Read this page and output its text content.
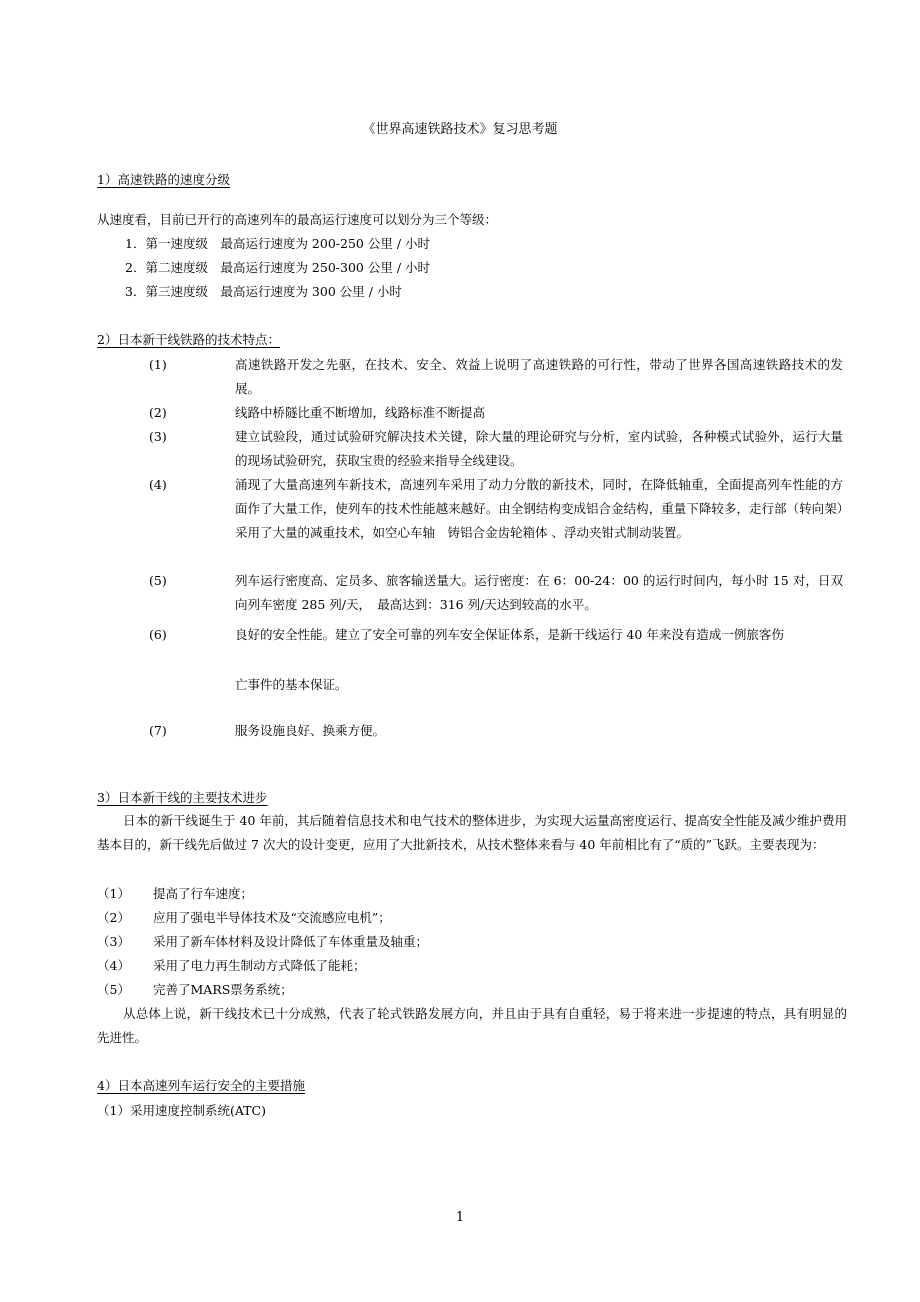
《世界高速铁路技术》复习思考题
1）高速铁路的速度分级
从速度看，目前已开行的高速列车的最高运行速度可以划分为三个等级：
1．第一速度级　最高运行速度为 200-250 公里 / 小时
2．第二速度级　最高运行速度为 250-300 公里 / 小时
3．第三速度级　最高运行速度为 300 公里 / 小时
2）日本新干线铁路的技术特点：
(1)	高速铁路开发之先驱，在技术、安全、效益上说明了高速铁路的可行性，带动了世界各国高速铁路技术的发展。
(2)	线路中桥隧比重不断增加，线路标准不断提高
(3)	建立试验段，通过试验研究解决技术关键，除大量的理论研究与分析，室内试验，各种模式试验外，运行大量的现场试验研究，获取宝贵的经验来指导全线建设。
(4)	涌现了大量高速列车新技术，高速列车采用了动力分散的新技术，同时，在降低轴重，全面提高列车性能的方面作了大量工作，使列车的技术性能越来越好。由全钢结构变成铝合金结构，重量下降较多，走行部（转向架）采用了大量的减重技术，如空心车轴　铸铝合金齿轮箱体 、浮动夹钳式制动装置。
(5)	列车运行密度高、定员多、旅客输送量大。运行密度：在 6：00-24：00 的运行时间内，每小时 15 对，日双向列车密度 285 列/天，　最高达到：316 列/天达到较高的水平。
(6)	良好的安全性能。建立了安全可靠的列车安全保证体系，是新干线运行 40 年来没有造成一例旅客伤
亡事件的基本保证。
(7)	服务设施良好、换乘方便。
3）日本新干线的主要技术进步
日本的新干线诞生于 40 年前，其后随着信息技术和电气技术的整体进步，为实现大运量高密度运行、提高安全性能及减少维护费用基本目的，新干线先后做过 7 次大的设计变更，应用了大批新技术，从技术整体来看与 40 年前相比有了“质的”飞跃。主要表现为：
（1） 提高了行车速度；
（2） 应用了强电半导体技术及“交流感应电机”；
（3） 采用了新车体材料及设计降低了车体重量及轴重；
（4） 采用了电力再生制动方式降低了能耗；
（5） 完善了MARS票务系统；
从总体上说，新干线技术已十分成熟，代表了轮式铁路发展方向，并且由于具有自重轻，易于将来进一步提速的特点，具有明显的先进性。
4）日本高速列车运行安全的主要措施
（1）采用速度控制系统(ATC)
1
